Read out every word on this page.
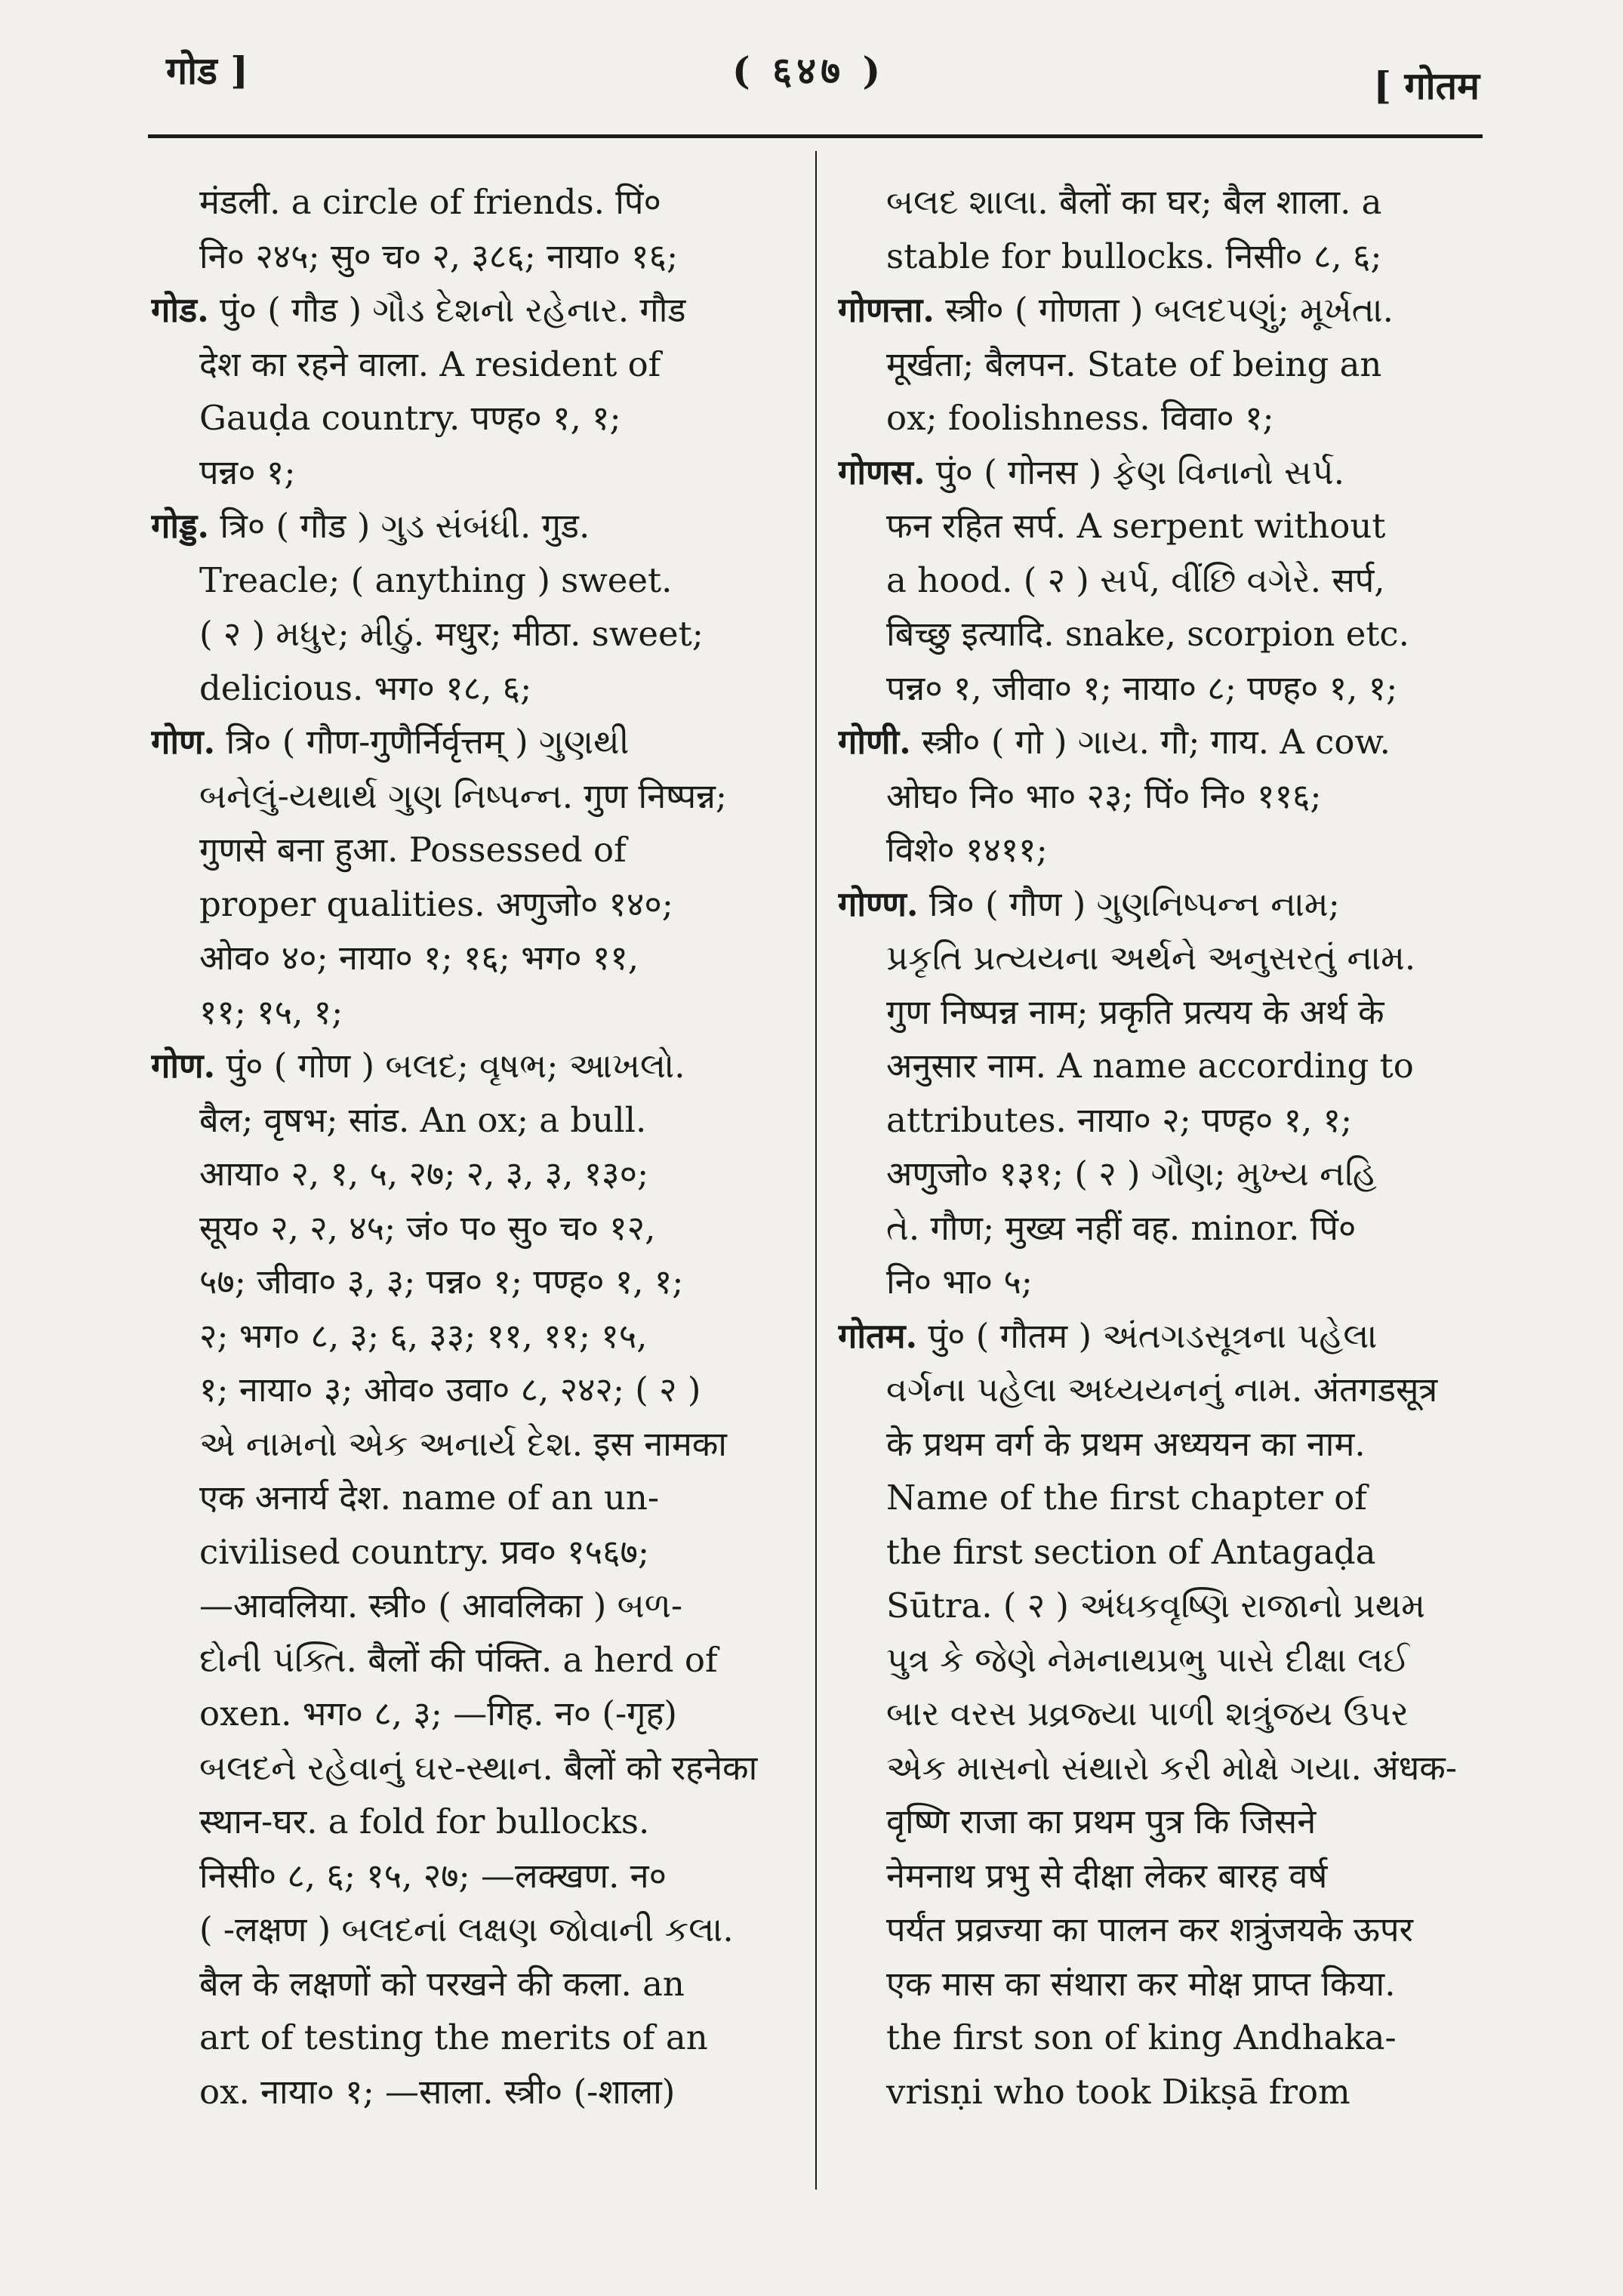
गोड ]	( ६४७ )	[ गोतम
मंडली. a circle of friends. पिं०
नि० २४५; सु० च० २, ३८६; नाया० १६;
गोड. पुं० ( गौड ) ગૌડ દેશનો રહેનાર. गौड
देश का रहने वाला. A resident of
Gauḍa country. पण्ह० १, १;
पन्न० १;
गोड्ड. त्रि० ( गौड ) ગુડ સંબંધી. गुड.
Treacle; ( anything ) sweet.
( २ ) મધુર; મીઠું. मधुर; मीठा. sweet;
delicious. भग० १८, ६;
गोण. त्रि० ( गौण-गुणैर्निर्वृत्तम् ) ગુણથી
બનેલું-યથાર્થ ગુણ નિષ્પન્ન. गुण निष्पन्न;
गुणसे बना हुआ. Possessed of
proper qualities. अणुजो० १४०;
ओव० ४०; नाया० १; १६; भग० ११,
११; १५, १;
गोण. पुं० ( गोण ) બલદ; વૃષભ; આખલો.
बैल; वृषभ; सांड. An ox; a bull.
आया० २, १, ५, २७; २, ३, ३, १३०;
सूय० २, २, ४५; जं० प० सु० च० १२,
५७; जीवा० ३, ३; पन्न० १; पण्ह० १, १;
२; भग० ८, ३; ६, ३३; ११, ११; १५,
१; नाया० ३; ओव० उवा० ८, २४२; ( २ )
એ નામનો એક અનાર્ય દેશ. इस नामका
एक अनार्य देश. name of an un-
civilised country. प्रव० १५६७;
—आवलिया. स्त्री० ( आवलिका ) બળ-
દોની પંક્તિ. बैलों की पंक्ति. a herd of
oxen. भग० ८, ३; —गिह. न० (-गृह)
બલદને રહેવાનું ઘર-સ્થાન. बैलों को रहनेका
स्थान-घर. a fold for bullocks.
निसी० ८, ६; १५, २७; —लक्खण. न०
( -लक्षण ) બલદનાં લક્ષણ જોવાની કલા.
बैल के लक्षणों को परखने की कला. an
art of testing the merits of an
ox. नाया० १; —साला. स्त्री० (-शाला)
બલદ શાલા. बैलों का घर; बैल शाला. a
stable for bullocks. निसी० ८, ६;
गोणत्ता. स्त्री० ( गोणता ) બલદપણું; મૂર્ખતા.
मूर्खता; बैलपन. State of being an
ox; foolishness. विवा० १;
गोणस. पुं० ( गोनस ) ફેણ વિનાનો સર્પ.
फन रहित सर्प. A serpent without
a hood. ( २ ) સર્પ, વીંછિ વગેરે. सर्प,
बिच्छु इत्यादि. snake, scorpion etc.
पन्न० १, जीवा० १; नाया० ८; पण्ह० १, १;
गोणी. स्त्री० ( गो ) ગાય. गौ; गाय. A cow.
ओघ० नि० भा० २३; पिं० नि० ११६;
विशे० १४११;
गोण्ण. त्रि० ( गौण ) ગુણનિષ્પન્ન નામ;
પ્રકૃતિ પ્રત્યયના અર્થને અનુસરતું નામ.
गुण निष्पन्न नाम; प्रकृति प्रत्यय के अर्थ के
अनुसार नाम. A name according to
attributes. नाया० २; पण्ह० १, १;
अणुजो० १३१; ( २ ) ગૌણ; મુખ્ય નહિ
તે. गौण; मुख्य नहीं वह. minor. पिं०
नि० भा० ५;
गोतम. पुं० ( गौतम ) અંતગડસૂત્રના પહેલા
વર્ગના પહેલા અધ્યયનનું નામ. अंतगडसूत्र
के प्रथम वर्ग के प्रथम अध्ययन का नाम.
Name of the first chapter of
the first section of Antagaḍa
Sūtra. ( २ ) અંધકવૃષ્ણિ રાજાનો પ્રથમ
પુત્ર કે જેણે નેમનાથપ્રભુ પાસે દીક્ષા લઈ
બાર વરસ પ્રવ્રજ્યા પાળી શત્રુંજય ઉપર
એક માસનો સંથારો કરી મોક્ષે ગયા. अंधक-
वृष्णि राजा का प्रथम पुत्र कि जिसने
नेमनाथ प्रभु से दीक्षा लेकर बारह वर्ष
पर्यंत प्रव्रज्या का पालन कर शत्रुंजयके ऊपर
एक मास का संथारा कर मोक्ष प्राप्त किया.
the first son of king Andhaka-
vrisṇi who took Dikṣā from
